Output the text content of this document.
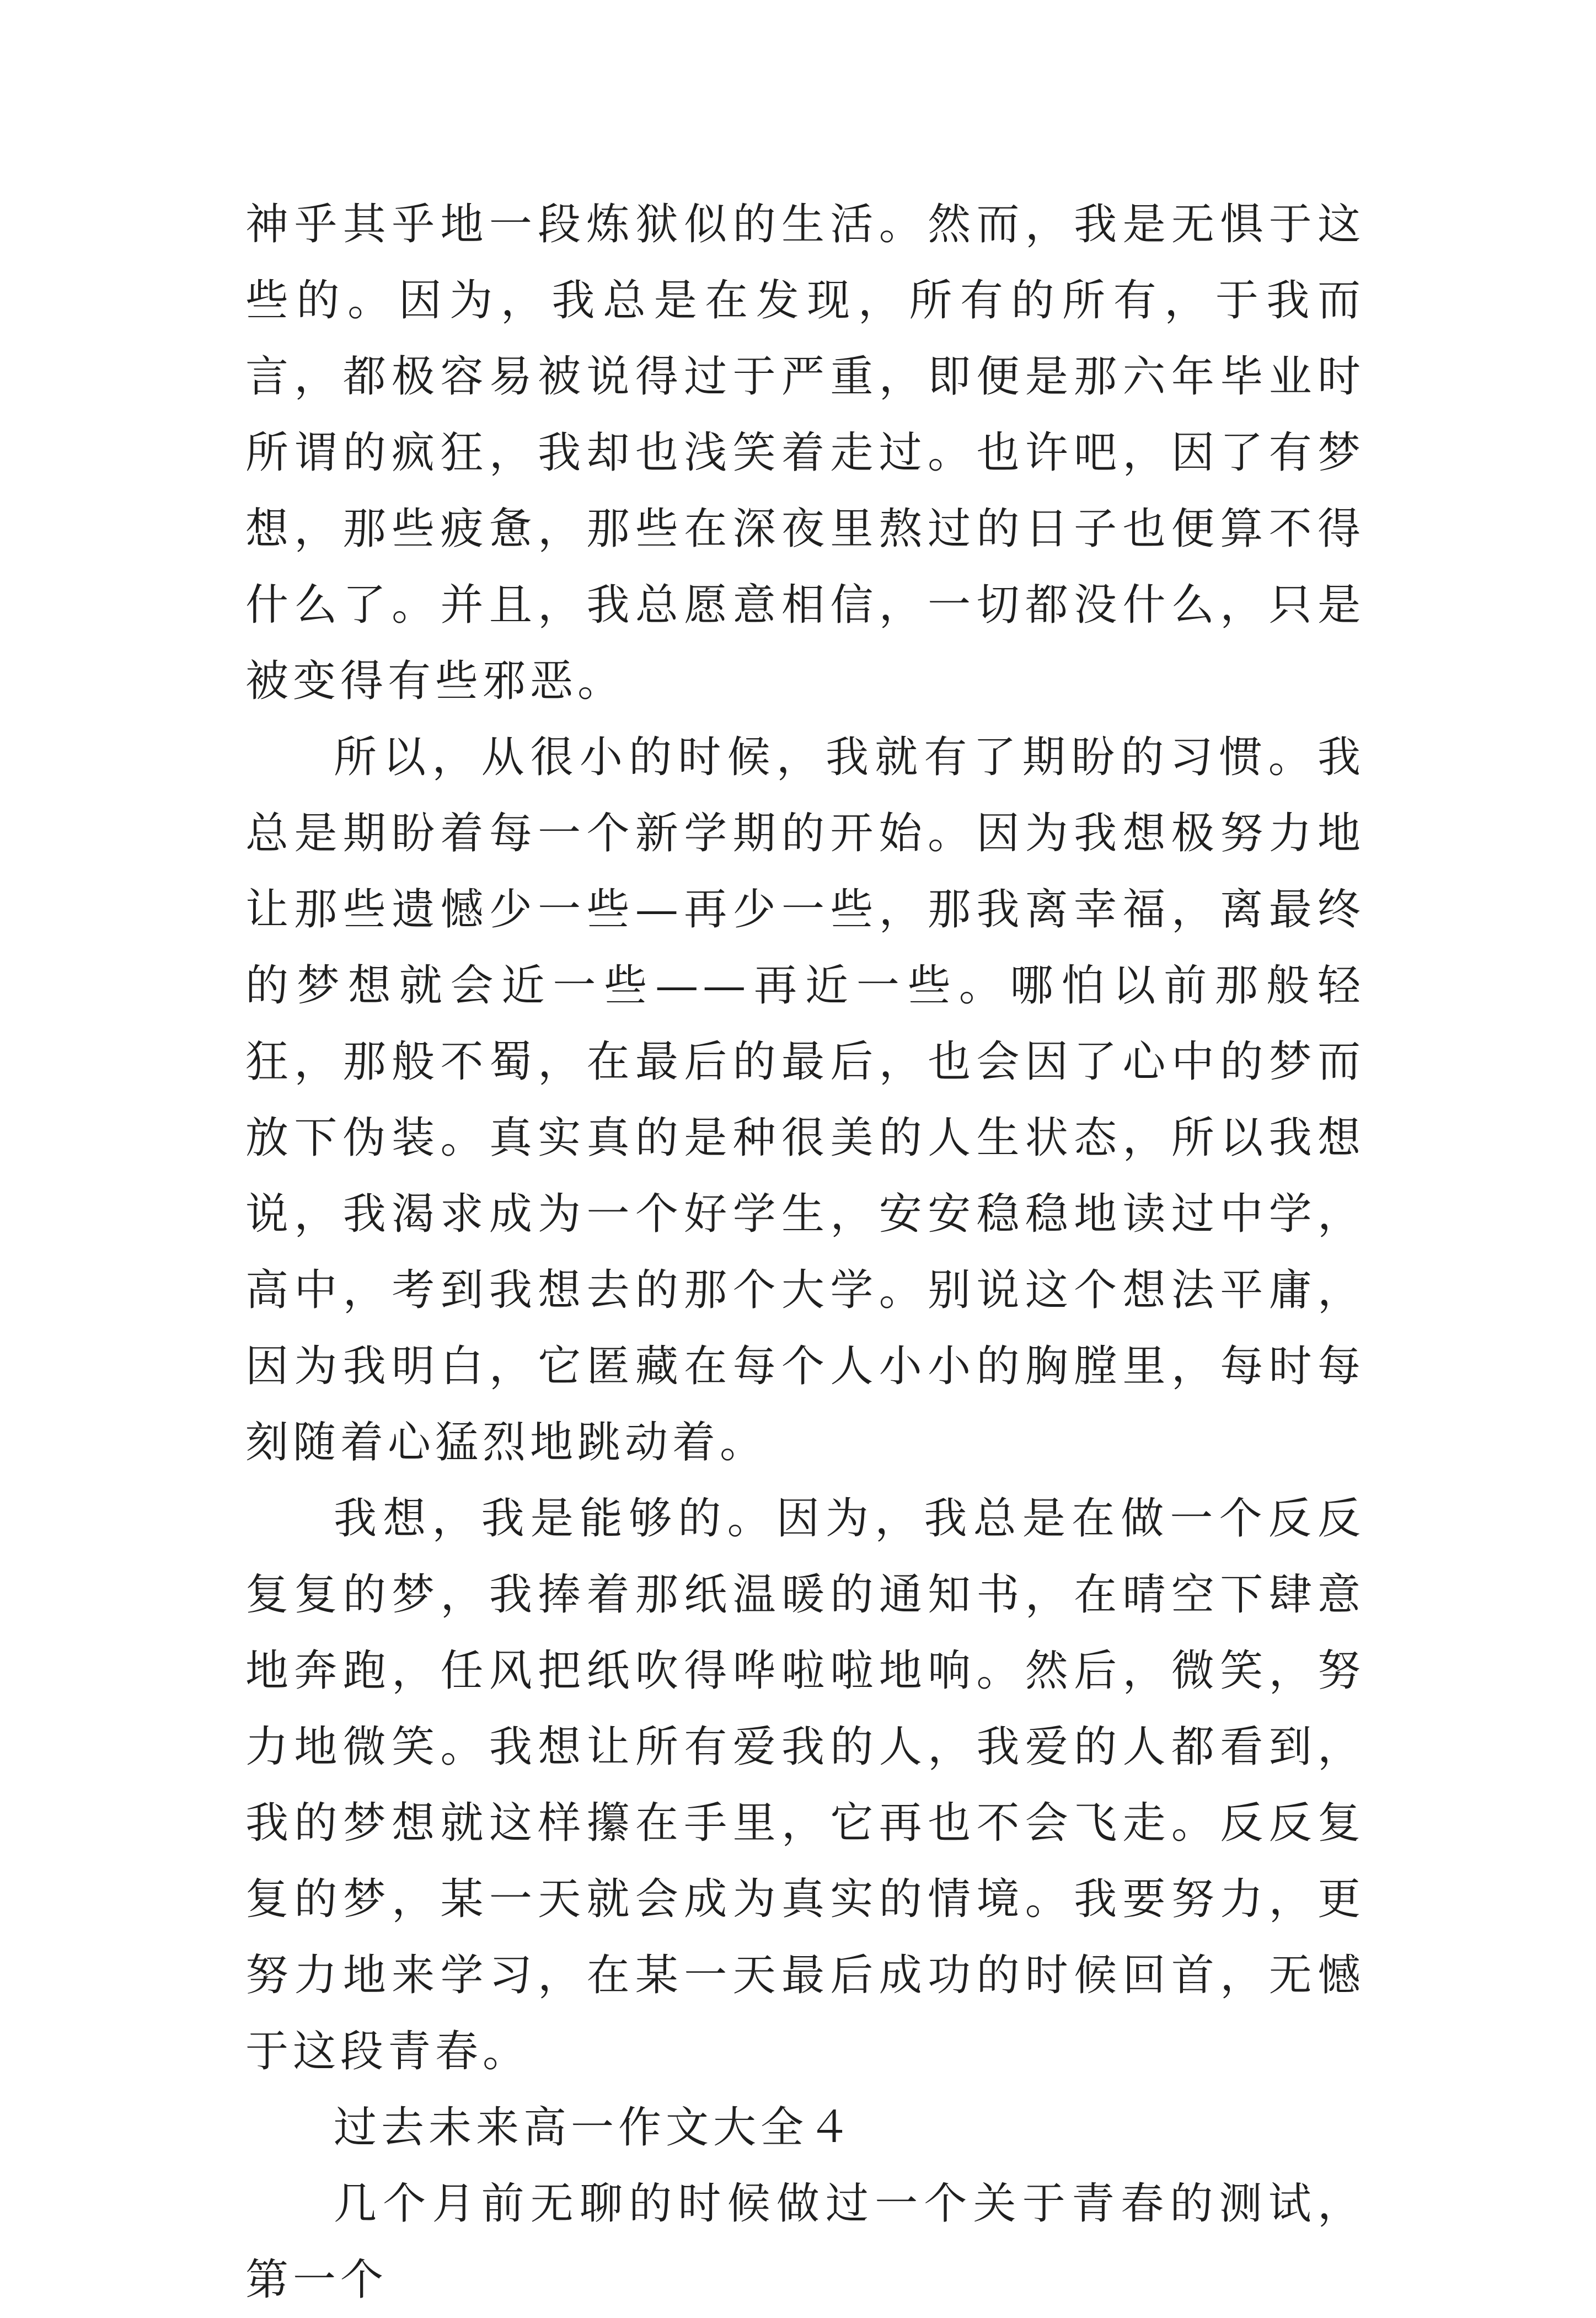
神乎其乎地一段炼狱似的生活。然而，我是无惧于这些的。因为，我总是在发现，所有的所有，于我而言，都极容易被说得过于严重，即便是那六年毕业时所谓的疯狂，我却也浅笑着走过。也许吧，因了有梦想，那些疲惫，那些在深夜里熬过的日子也便算不得什么了。并且，我总愿意相信，一切都没什么，只是被变得有些邪恶。

所以，从很小的时候，我就有了期盼的习惯。我总是期盼着每一个新学期的开始。因为我想极努力地让那些遗憾少一些—再少一些，那我离幸福，离最终的梦想就会近一些——再近一些。哪怕以前那般轻狂，那般不蜀，在最后的最后，也会因了心中的梦而放下伪装。真实真的是种很美的人生状态，所以我想说，我渴求成为一个好学生，安安稳稳地读过中学，高中，考到我想去的那个大学。别说这个想法平庸，因为我明白，它匿藏在每个人小小的胸膛里，每时每刻随着心猛烈地跳动着。

我想，我是能够的。因为，我总是在做一个反反复复的梦，我捧着那纸温暖的通知书，在晴空下肆意地奔跑，任风把纸吹得哗啦啦地响。然后，微笑，努力地微笑。我想让所有爱我的人，我爱的人都看到，我的梦想就这样攥在手里，它再也不会飞走。反反复复的梦，某一天就会成为真实的情境。我要努力，更努力地来学习，在某一天最后成功的时候回首，无憾于这段青春。

过去未来高一作文大全４

几个月前无聊的时候做过一个关于青春的测试，第一个
